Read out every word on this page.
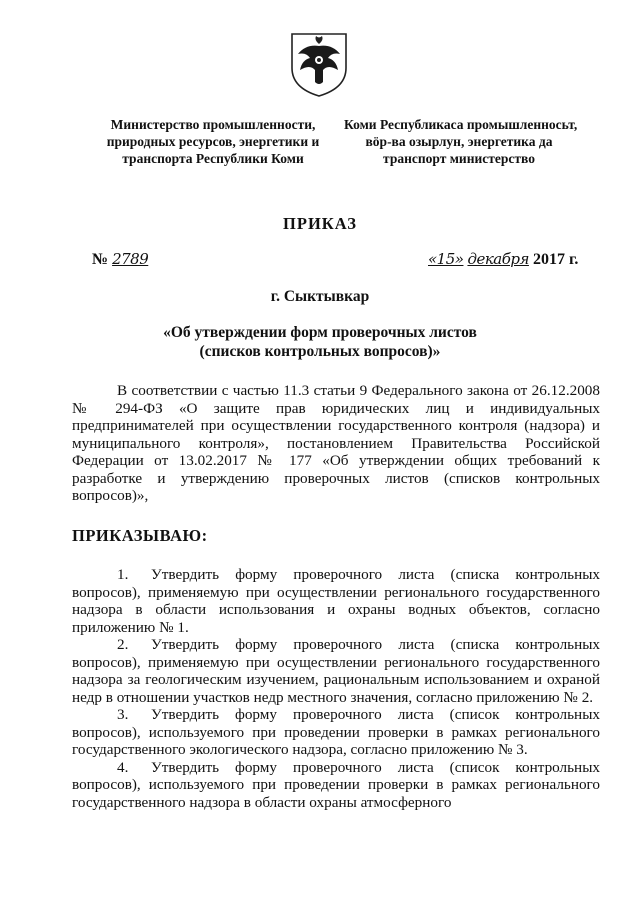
Министерство промышленности,
природных ресурсов, энергетики и
транспорта Республики Коми
Коми Республикаса промышленносьт,
вӧр-ва озырлун, энергетика да
транспорт министерство
ПРИКАЗ
№ 2789	«15» декабря 2017 г.
г. Сыктывкар
«Об утверждении форм проверочных листов
(списков контрольных вопросов)»

В соответствии с частью 11.3 статьи 9 Федерального закона от 26.12.2008 № 294-ФЗ «О защите прав юридических лиц и индивидуальных предпринимателей при осуществлении государственного контроля (надзора) и муниципального контроля», постановлением Правительства Российской Федерации от 13.02.2017 № 177 «Об утверждении общих требований к разработке и утверждению проверочных листов (списков контрольных вопросов)»,

ПРИКАЗЫВАЮ:

1. Утвердить форму проверочного листа (списка контрольных вопросов), применяемую при осуществлении регионального государственного надзора в области использования и охраны водных объектов, согласно приложению № 1.

2. Утвердить форму проверочного листа (списка контрольных вопросов), применяемую при осуществлении регионального государственного надзора за геологическим изучением, рациональным использованием и охраной недр в отношении участков недр местного значения, согласно приложению № 2.

3. Утвердить форму проверочного листа (список контрольных вопросов), используемого при проведении проверки в рамках регионального государственного экологического надзора, согласно приложению № 3.

4. Утвердить форму проверочного листа (список контрольных вопросов), используемого при проведении проверки в рамках регионального государственного надзора в области охраны атмосферного
